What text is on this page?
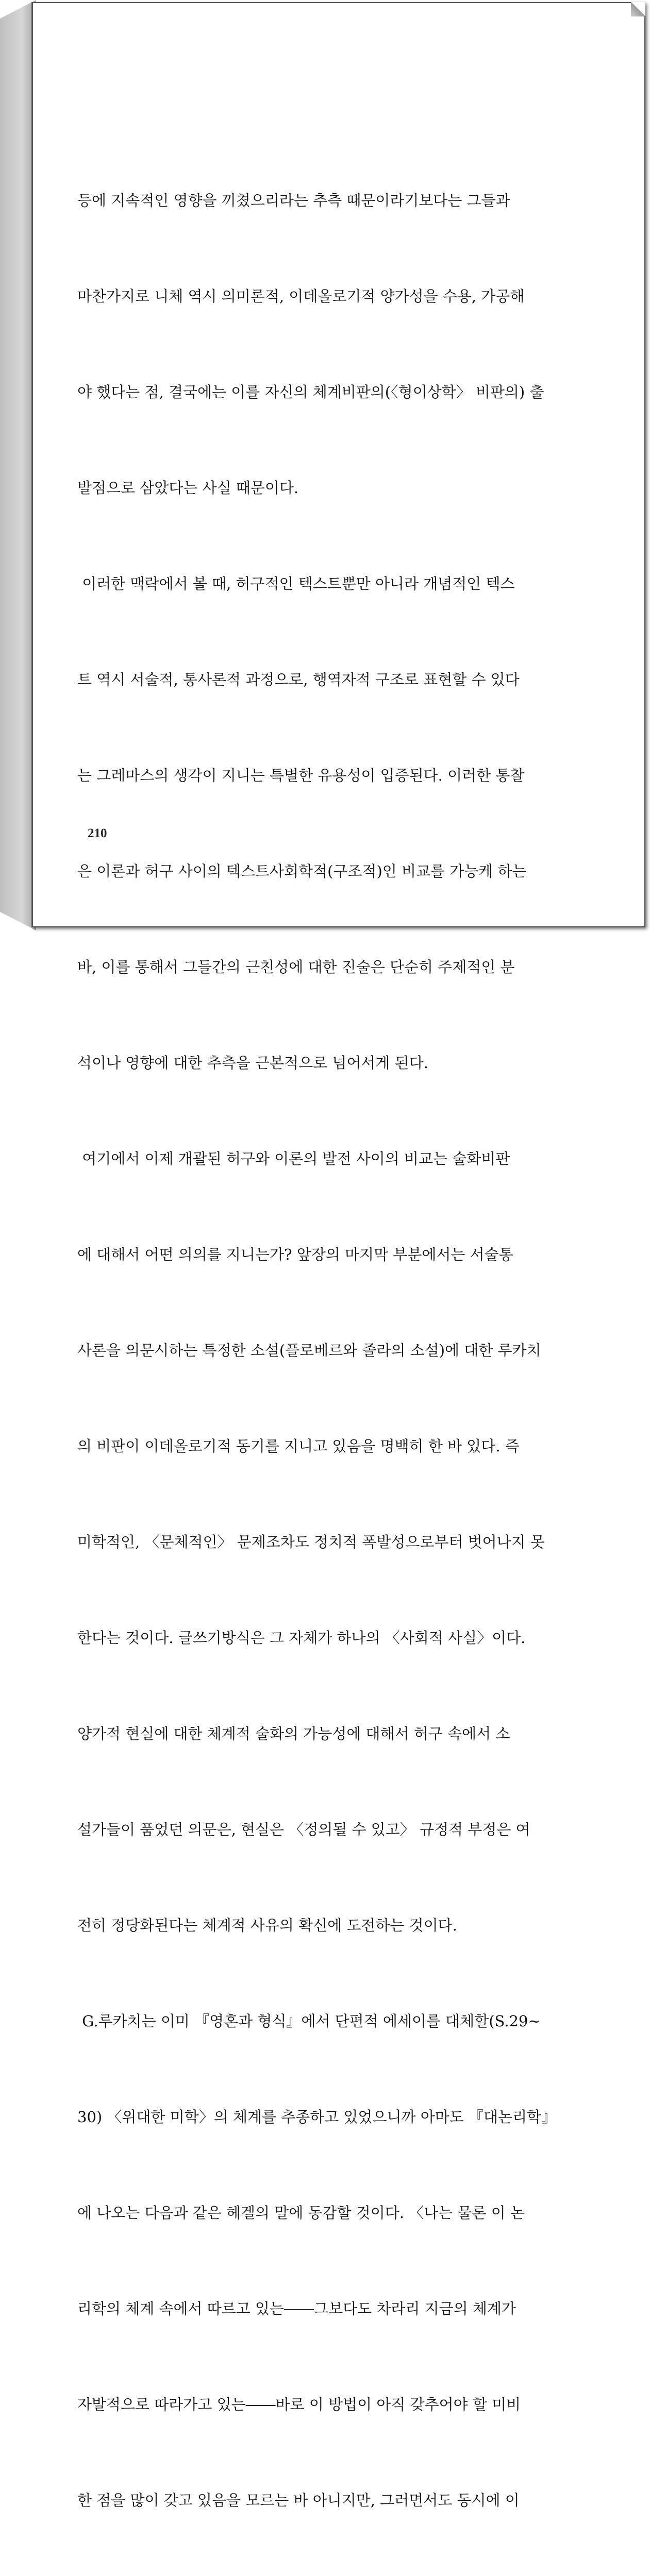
등에 지속적인 영향을 끼쳤으리라는 추측 때문이라기보다는 그들과

마찬가지로 니체 역시 의미론적, 이데올로기적 양가성을 수용, 가공해

야 했다는 점, 결국에는 이를 자신의 체계비판의(〈형이상학〉 비판의) 출

발점으로 삼았다는 사실 때문이다.

이러한 맥락에서 볼 때, 허구적인 텍스트뿐만 아니라 개념적인 텍스

트 역시 서술적, 통사론적 과정으로, 행역자적 구조로 표현할 수 있다

는 그레마스의 생각이 지니는 특별한 유용성이 입증된다. 이러한 통찰

은 이론과 허구 사이의 텍스트사회학적(구조적)인 비교를 가능케 하는

바, 이를 통해서 그들간의 근친성에 대한 진술은 단순히 주제적인 분

석이나 영향에 대한 추측을 근본적으로 넘어서게 된다.

여기에서 이제 개괄된 허구와 이론의 발전 사이의 비교는 술화비판

에 대해서 어떤 의의를 지니는가? 앞장의 마지막 부분에서는 서술통

사론을 의문시하는 특정한 소설(플로베르와 졸라의 소설)에 대한 루카치

의 비판이 이데올로기적 동기를 지니고 있음을 명백히 한 바 있다. 즉

미학적인, 〈문체적인〉 문제조차도 정치적 폭발성으로부터 벗어나지 못

한다는 것이다. 글쓰기방식은 그 자체가 하나의 〈사회적 사실〉이다.

양가적 현실에 대한 체계적 술화의 가능성에 대해서 허구 속에서 소

설가들이 품었던 의문은, 현실은 〈정의될 수 있고〉 규정적 부정은 여

전히 정당화된다는 체계적 사유의 확신에 도전하는 것이다.

G.루카치는 이미 『영혼과 형식』에서 단편적 에세이를 대체할(S.29~

30) 〈위대한 미학〉의 체계를 추종하고 있었으니까 아마도 『대논리학』

에 나오는 다음과 같은 헤겔의 말에 동감할 것이다. 〈나는 물론 이 논

리학의 체계 속에서 따르고 있는――그보다도 차라리 지금의 체계가

자발적으로 따라가고 있는――바로 이 방법이 아직 갖추어야 할 미비

한 점을 많이 갖고 있음을 모르는 바 아니지만, 그러면서도 동시에 이

210
